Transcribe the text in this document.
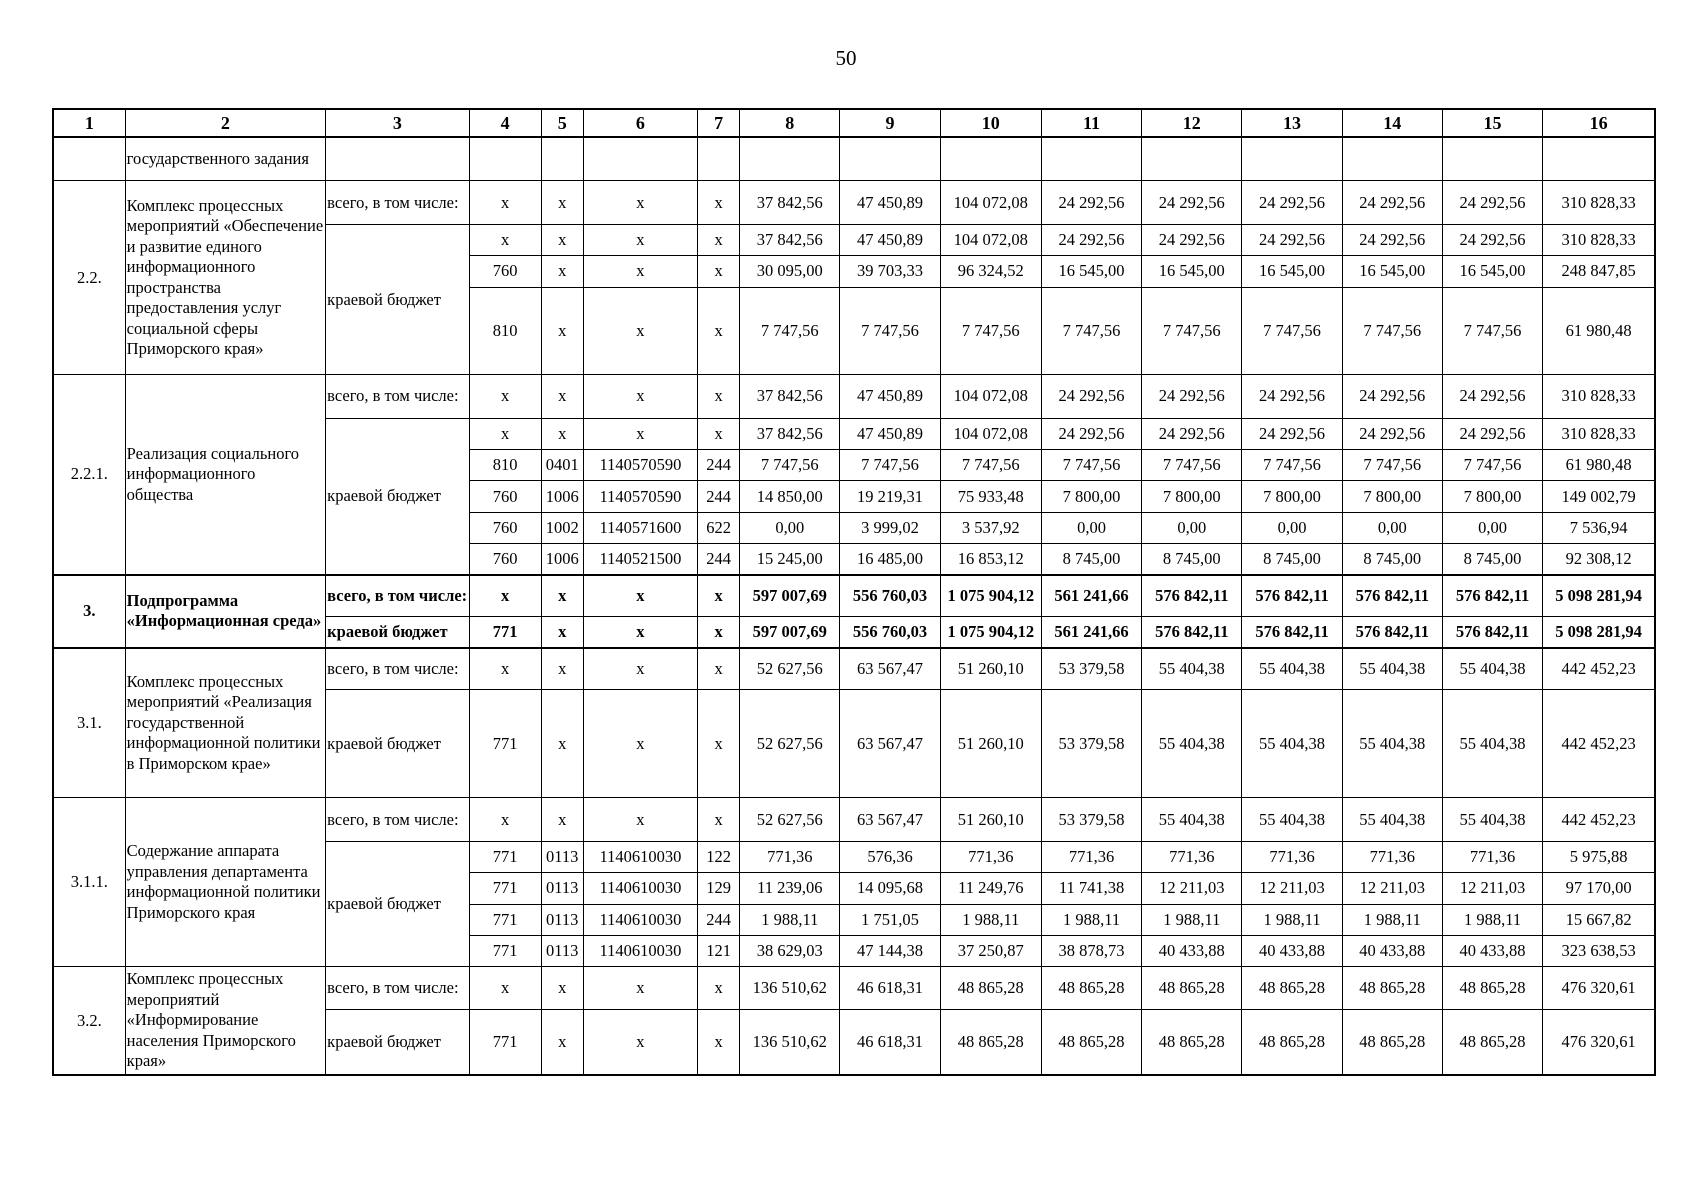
50
1	2	3	4	5	6	7	8	9	10	11	12	13	14	15	16
	государственного задания														
2.2.	Комплекс процессных мероприятий «Обеспечение и развитие единого информационного пространства предоставления услуг социальной сферы Приморского края»	всего, в том числе:	x	x	x	x	37 842,56	47 450,89	104 072,08	24 292,56	24 292,56	24 292,56	24 292,56	24 292,56	310 828,33
		краевой бюджет	x	x	x	x	37 842,56	47 450,89	104 072,08	24 292,56	24 292,56	24 292,56	24 292,56	24 292,56	310 828,33
			760	x	x	x	30 095,00	39 703,33	96 324,52	16 545,00	16 545,00	16 545,00	16 545,00	16 545,00	248 847,85
			810	x	x	x	7 747,56	7 747,56	7 747,56	7 747,56	7 747,56	7 747,56	7 747,56	7 747,56	61 980,48
2.2.1.	Реализация социального информационного общества	всего, в том числе:	x	x	x	x	37 842,56	47 450,89	104 072,08	24 292,56	24 292,56	24 292,56	24 292,56	24 292,56	310 828,33
		краевой бюджет	x	x	x	x	37 842,56	47 450,89	104 072,08	24 292,56	24 292,56	24 292,56	24 292,56	24 292,56	310 828,33
			810	0401	1140570590	244	7 747,56	7 747,56	7 747,56	7 747,56	7 747,56	7 747,56	7 747,56	7 747,56	61 980,48
			760	1006	1140570590	244	14 850,00	19 219,31	75 933,48	7 800,00	7 800,00	7 800,00	7 800,00	7 800,00	149 002,79
			760	1002	1140571600	622	0,00	3 999,02	3 537,92	0,00	0,00	0,00	0,00	0,00	7 536,94
			760	1006	1140521500	244	15 245,00	16 485,00	16 853,12	8 745,00	8 745,00	8 745,00	8 745,00	8 745,00	92 308,12
3.	Подпрограмма «Информационная среда»	всего, в том числе:	x	x	x	x	597 007,69	556 760,03	1 075 904,12	561 241,66	576 842,11	576 842,11	576 842,11	576 842,11	5 098 281,94
		краевой бюджет	771	x	x	x	597 007,69	556 760,03	1 075 904,12	561 241,66	576 842,11	576 842,11	576 842,11	576 842,11	5 098 281,94
3.1.	Комплекс процессных мероприятий «Реализация государственной информационной политики в Приморском крае»	всего, в том числе:	x	x	x	x	52 627,56	63 567,47	51 260,10	53 379,58	55 404,38	55 404,38	55 404,38	55 404,38	442 452,23
		краевой бюджет	771	x	x	x	52 627,56	63 567,47	51 260,10	53 379,58	55 404,38	55 404,38	55 404,38	55 404,38	442 452,23
3.1.1.	Содержание аппарата управления департамента информационной политики Приморского края	всего, в том числе:	x	x	x	x	52 627,56	63 567,47	51 260,10	53 379,58	55 404,38	55 404,38	55 404,38	55 404,38	442 452,23
		краевой бюджет	771	0113	1140610030	122	771,36	576,36	771,36	771,36	771,36	771,36	771,36	771,36	5 975,88
			771	0113	1140610030	129	11 239,06	14 095,68	11 249,76	11 741,38	12 211,03	12 211,03	12 211,03	12 211,03	97 170,00
			771	0113	1140610030	244	1 988,11	1 751,05	1 988,11	1 988,11	1 988,11	1 988,11	1 988,11	1 988,11	15 667,82
			771	0113	1140610030	121	38 629,03	47 144,38	37 250,87	38 878,73	40 433,88	40 433,88	40 433,88	40 433,88	323 638,53
3.2.	Комплекс процессных мероприятий «Информирование населения Приморского края»	всего, в том числе:	x	x	x	x	136 510,62	46 618,31	48 865,28	48 865,28	48 865,28	48 865,28	48 865,28	48 865,28	476 320,61
		краевой бюджет	771	x	x	x	136 510,62	46 618,31	48 865,28	48 865,28	48 865,28	48 865,28	48 865,28	48 865,28	476 320,61
